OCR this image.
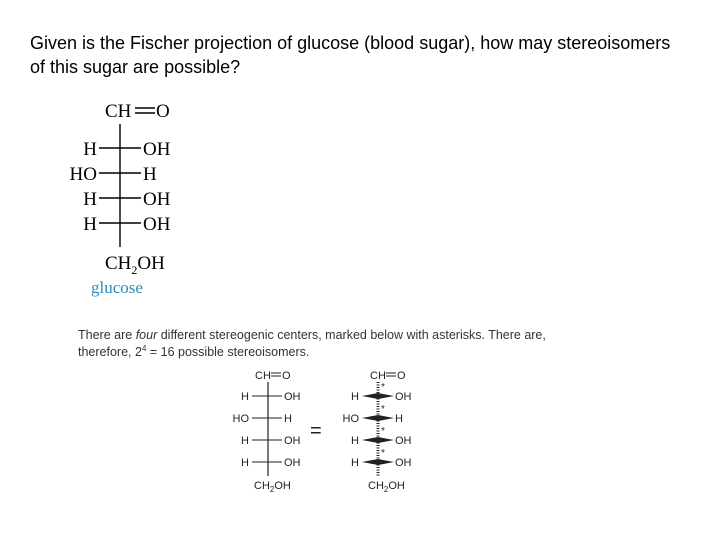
Given is the Fischer projection of glucose (blood sugar), how may stereoisomers of this sugar are possible?

CH O
H OH
HO H
H OH
H OH
$CH_2OH$
glucose
There are four different stereogenic centers, marked below with asterisks. There are,
therefore, $2^4 = 16$ possible stereoisomers.
CH O
H	OH
HO	H
H	OH
H	OH
$CH_2OH$
=
CH O
H	OH
*
HO	H
*
H	OH
*
H	OH
*
$CH_2OH$
